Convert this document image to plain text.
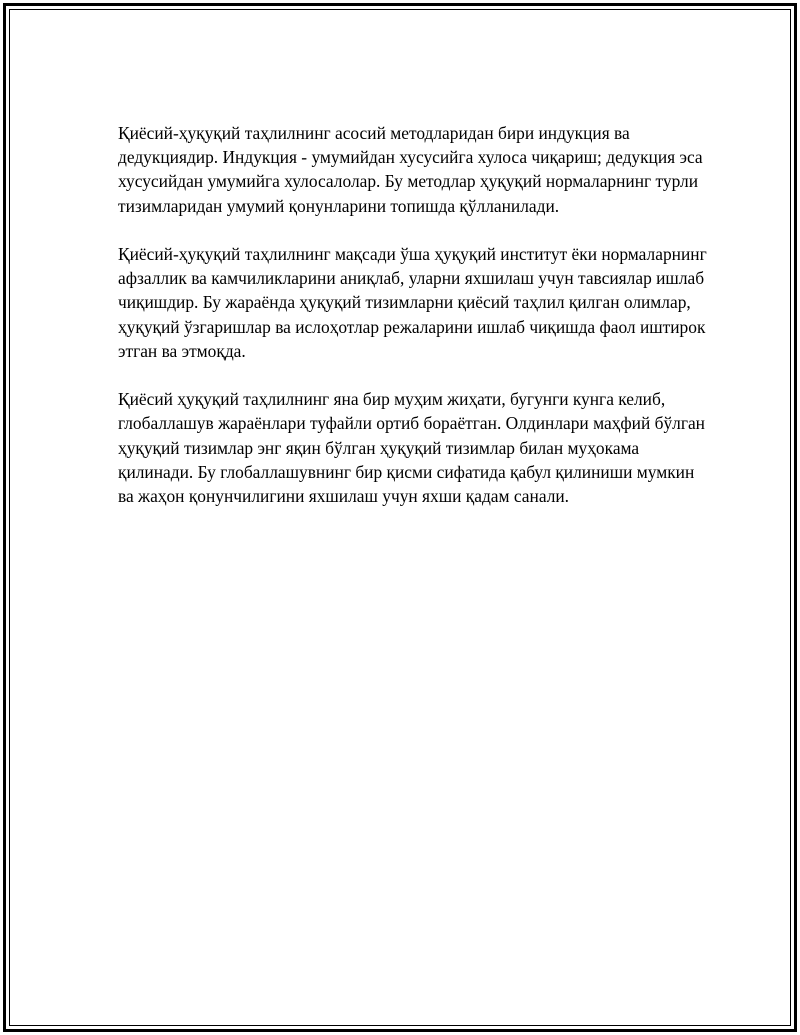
Қиёсий-ҳуқуқий таҳлилнинг асосий методларидан бири индукция ва дедукциядир. Индукция - умумийдан хусусийга хулоса чиқариш; дедукция эса хусусийдан умумийга хулосалолар. Бу методлар ҳуқуқий нормаларнинг турли тизимларидан умумий қонунларини топишда қўлланилади.

Қиёсий-ҳуқуқий таҳлилнинг мақсади ўша ҳуқуқий институт ёки нормаларнинг афзаллик ва камчиликларини аниқлаб, уларни яхшилаш учун тавсиялар ишлаб чиқишдир. Бу жараёнда ҳуқуқий тизимларни қиёсий таҳлил қилган олимлар, ҳуқуқий ўзгаришлар ва ислоҳотлар режаларини ишлаб чиқишда фаол иштирок этган ва этмоқда.

Қиёсий ҳуқуқий таҳлилнинг яна бир муҳим жиҳати, бугунги кунга келиб, глобаллашув жараёнлари туфайли ортиб бораётган. Олдинлари маҳфий бўлган ҳуқуқий тизимлар энг яқин бўлган ҳуқуқий тизимлар билан муҳокама қилинади. Бу глобаллашувнинг бир қисми сифатида қабул қилиниши мумкин ва жаҳон қонунчилигини яхшилаш учун яхши қадам санали.
